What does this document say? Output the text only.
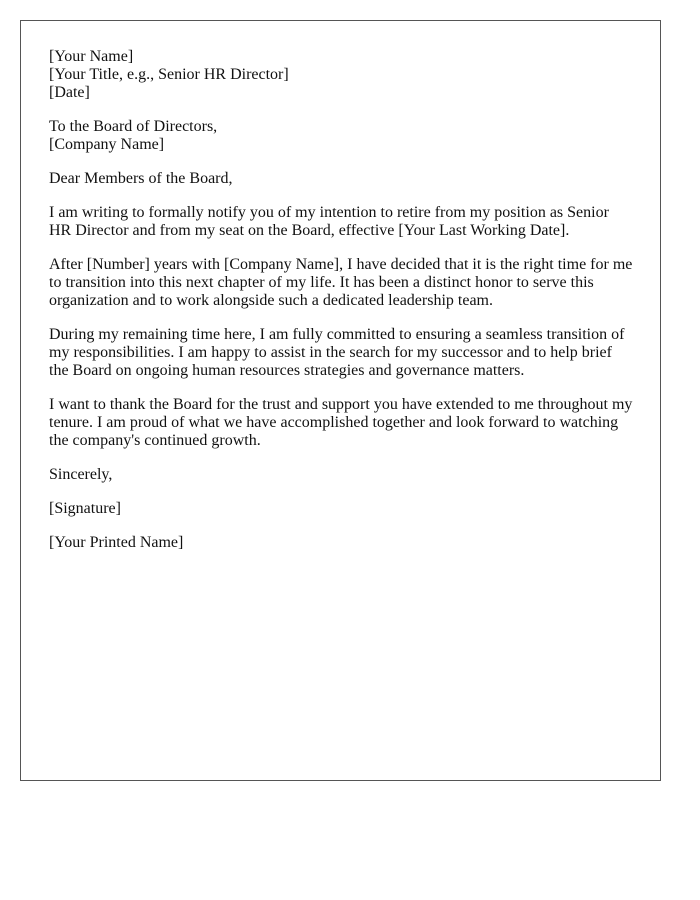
[Your Name]
[Your Title, e.g., Senior HR Director]
[Date]
To the Board of Directors,
[Company Name]
Dear Members of the Board,
I am writing to formally notify you of my intention to retire from my position as Senior
HR Director and from my seat on the Board, effective [Your Last Working Date].
After [Number] years with [Company Name], I have decided that it is the right time for me
to transition into this next chapter of my life. It has been a distinct honor to serve this
organization and to work alongside such a dedicated leadership team.
During my remaining time here, I am fully committed to ensuring a seamless transition of
my responsibilities. I am happy to assist in the search for my successor and to help brief
the Board on ongoing human resources strategies and governance matters.
I want to thank the Board for the trust and support you have extended to me throughout my
tenure. I am proud of what we have accomplished together and look forward to watching
the company's continued growth.
Sincerely,
[Signature]
[Your Printed Name]
